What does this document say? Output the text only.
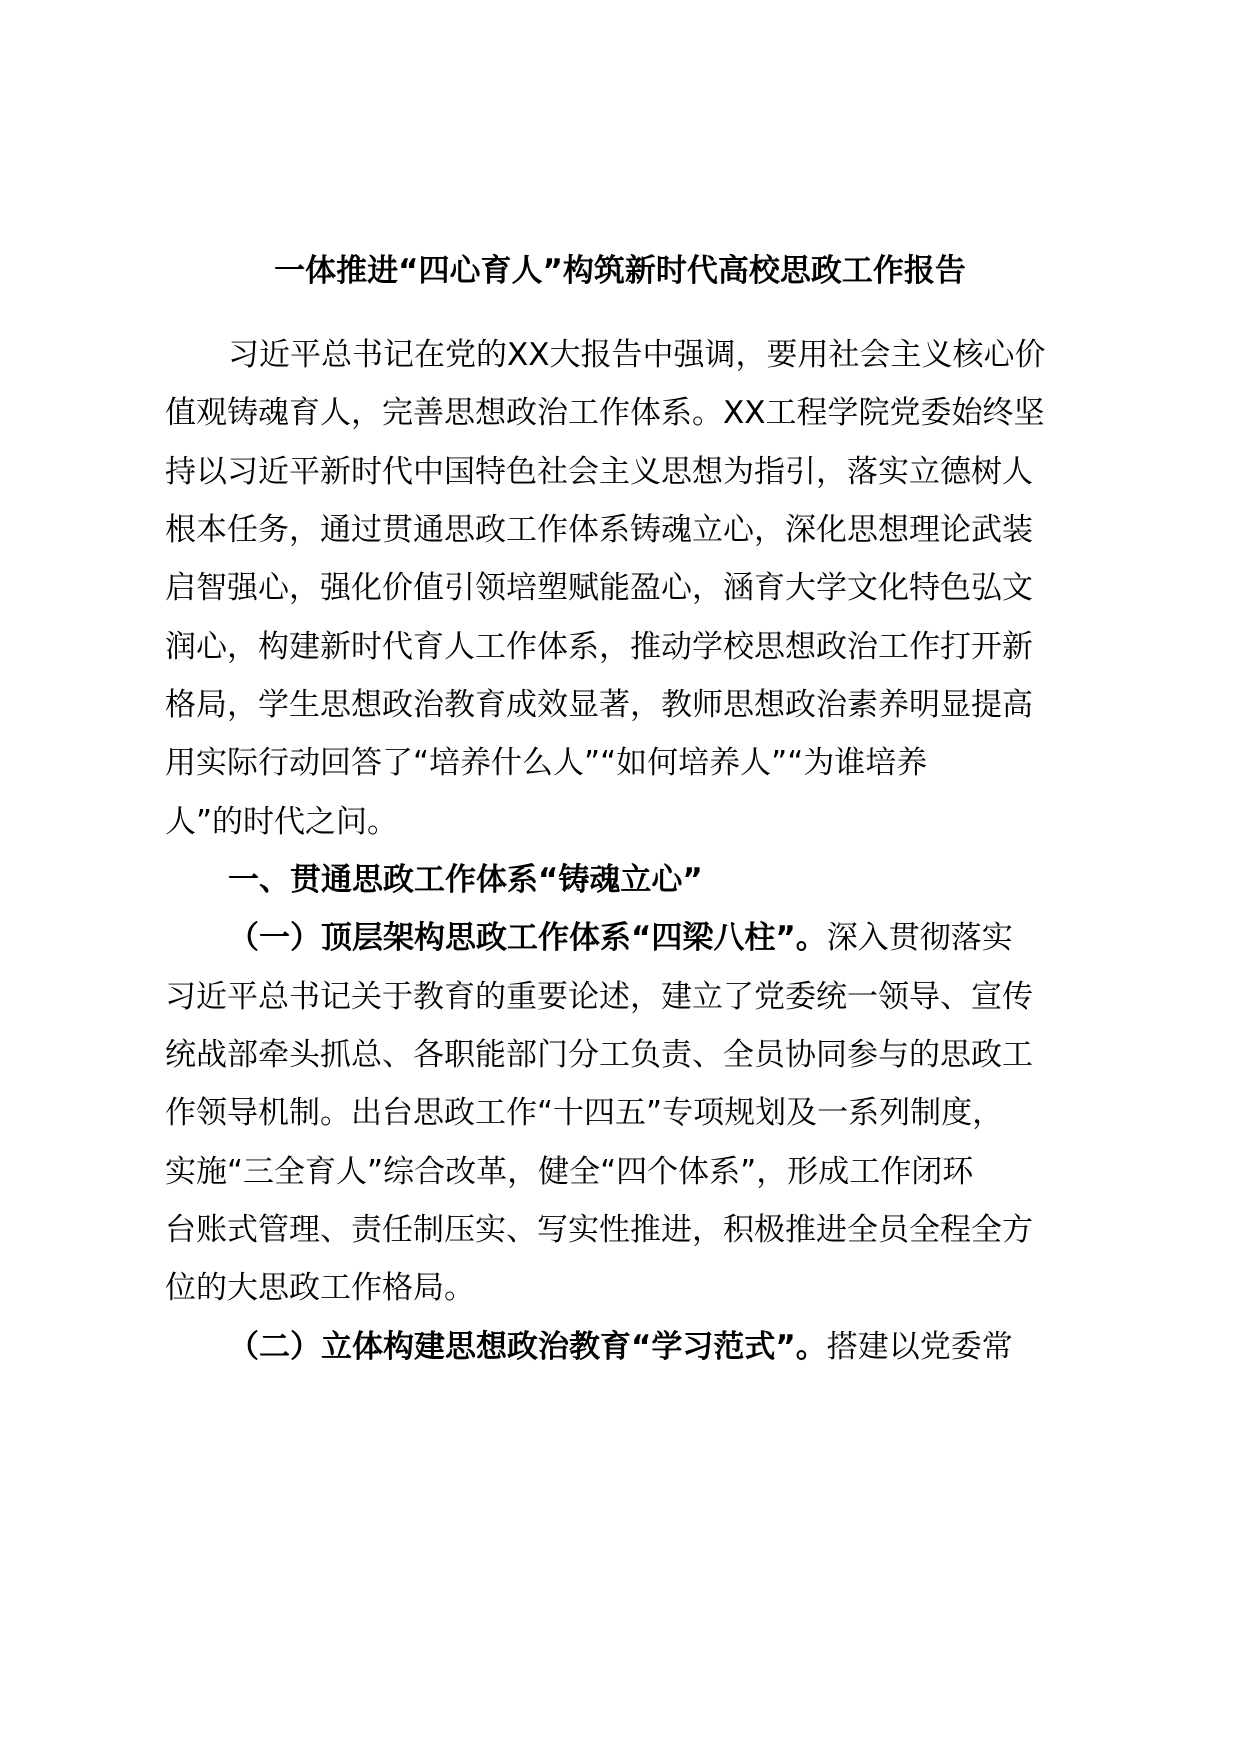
一体推进“四心育人”构筑新时代高校思政工作报告
习近平总书记在党的XX大报告中强调，要用社会主义核心价
值观铸魂育人，完善思想政治工作体系。XX工程学院党委始终坚
持以习近平新时代中国特色社会主义思想为指引，落实立德树人
根本任务，通过贯通思政工作体系铸魂立心，深化思想理论武装
启智强心，强化价值引领培塑赋能盈心，涵育大学文化特色弘文
润心，构建新时代育人工作体系，推动学校思想政治工作打开新
格局，学生思想政治教育成效显著，教师思想政治素养明显提高
用实际行动回答了“培养什么人”“如何培养人”“为谁培养
人”的时代之问。
一、贯通思政工作体系“铸魂立心”
（一）顶层架构思政工作体系“四梁八柱”。深入贯彻落实
习近平总书记关于教育的重要论述，建立了党委统一领导、宣传
统战部牵头抓总、各职能部门分工负责、全员协同参与的思政工
作领导机制。出台思政工作“十四五”专项规划及一系列制度，
实施“三全育人”综合改革，健全“四个体系”，形成工作闭环
台账式管理、责任制压实、写实性推进，积极推进全员全程全方
位的大思政工作格局。
（二）立体构建思想政治教育“学习范式”。搭建以党委常
